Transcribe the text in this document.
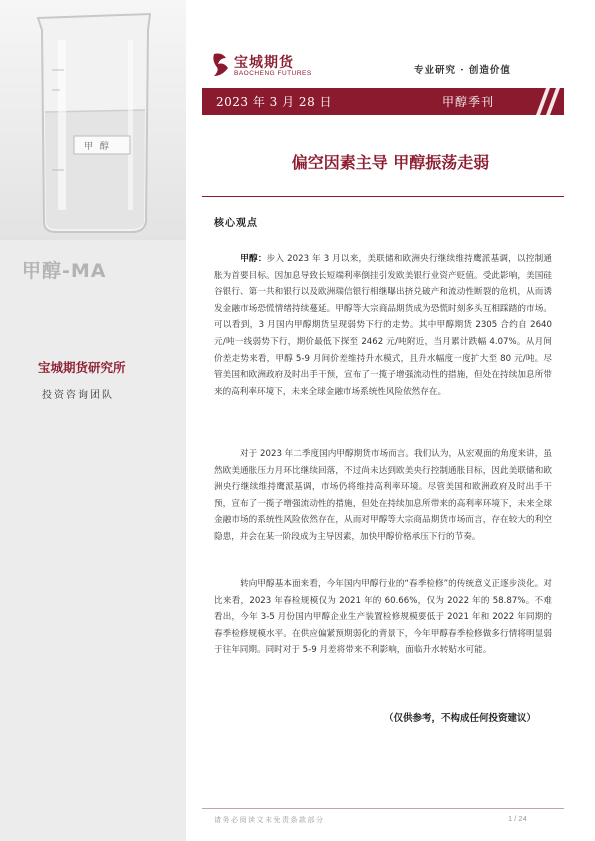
甲 醇
甲醇-MA
宝城期货研究所
投资咨询团队
宝城期货
BAOCHENG FUTURES	专业研究 · 创造价值
2023 年 3 月 28 日	甲醇季刊
偏空因素主导 甲醇振荡走弱
核心观点
甲醇：步入 2023 年 3 月以来，美联储和欧洲央行继续维持鹰派基调，以控制通胀为首要目标。因加息导致长短端利率倒挂引发欧美银行业资产贬值。受此影响，美国硅谷银行、第一共和银行以及欧洲瑞信银行相继曝出挤兑破产和流动性断裂的危机，从而诱发金融市场恐慌情绪持续蔓延。甲醇等大宗商品期货成为恐慌时刻多头互相踩踏的市场。可以看到，3 月国内甲醇期货呈现弱势下行的走势。其中甲醇期货 2305 合约自 2640 元/吨一线弱势下行，期价最低下探至 2462 元/吨附近，当月累计跌幅 4.07%。从月间价差走势来看，甲醇 5-9 月间价差维持升水模式，且升水幅度一度扩大至 80 元/吨。尽管美国和欧洲政府及时出手干预，宣布了一揽子增强流动性的措施，但处在持续加息所带来的高利率环境下，未来全球金融市场系统性风险依然存在。
对于 2023 年二季度国内甲醇期货市场而言。我们认为，从宏观面的角度来讲，虽然欧美通胀压力月环比继续回落，不过尚未达到欧美央行控制通胀目标，因此美联储和欧洲央行继续维持鹰派基调，市场仍将维持高利率环境。尽管美国和欧洲政府及时出手干预，宣布了一揽子增强流动性的措施，但处在持续加息所带来的高利率环境下，未来全球金融市场的系统性风险依然存在，从而对甲醇等大宗商品期货市场而言，存在较大的利空隐患，并会在某一阶段成为主导因素，加快甲醇价格承压下行的节奏。
转向甲醇基本面来看，今年国内甲醇行业的“春季检修”的传统意义正逐步淡化。对比来看，2023 年春检规模仅为 2021 年的 60.66%，仅为 2022 年的 58.87%。不难看出，今年 3-5 月份国内甲醇企业生产装置检修规模要低于 2021 年和 2022 年同期的春季检修规模水平。在供应偏紧预期弱化的背景下，今年甲醇春季检修做多行情将明显弱于往年同期。同时对于 5-9 月差将带来不利影响，面临升水转贴水可能。
（仅供参考，不构成任何投资建议）
请务必阅读文末免责条款部分	1 / 24
